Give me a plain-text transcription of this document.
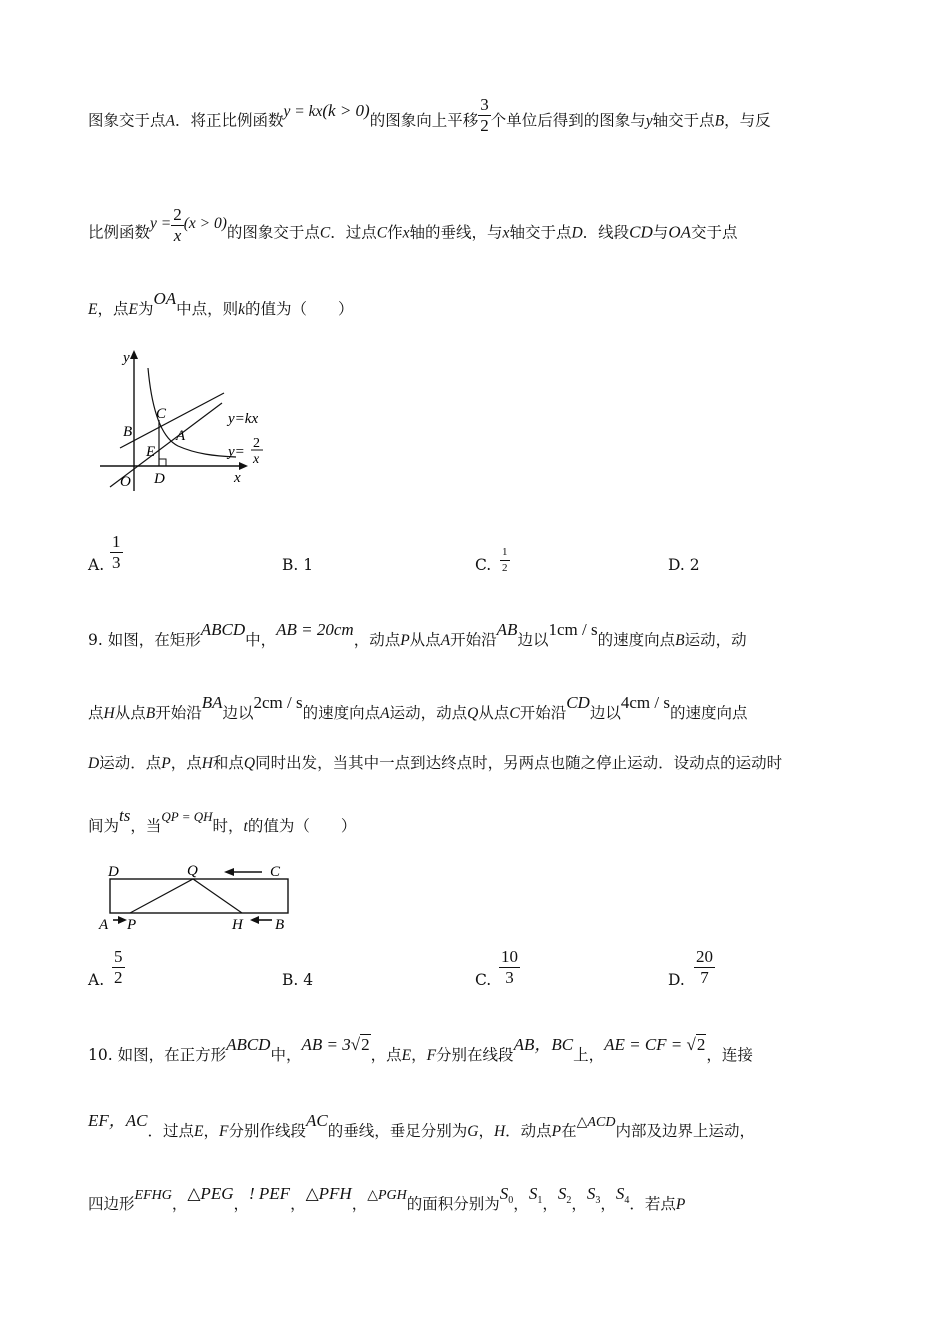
图象交于点A．将正比例函数y = kx(k > 0)的图象向上平移 $\frac{3}{2}$ 个单位后得到的图象与y轴交于点B，与反
比例函数$y = \frac{2}{x} (x > 0)$的图象交于点C．过点C作x轴的垂线，与x轴交于点D．线段CD与OA交于点
E，点E为OA中点，则k的值为（　　）
y
x
O
B
C
A
E
D
y=kx
y=
2
x
A. $\frac{1}{3}$	B. 1	C. $\frac{1}{2}$	D. 2
9. 如图，在矩形ABCD中，AB = 20cm，动点P从点A开始沿AB边以1cm / s的速度向点B运动，动
点H从点B开始沿BA边以2cm / s的速度向点A运动，动点Q从点C开始沿CD边以4cm / s的速度向点
D运动．点P，点H和点Q同时出发，当其中一点到达终点时，另两点也随之停止运动．设动点的运动时
间为ts，当$^{QP = QH}$时，t的值为（　　）
D	Q	C
A P	H B
A. $\frac{5}{2}$	B. 4	C. $\frac{10}{3}$	D. $\frac{20}{7}$
10. 如图，在正方形ABCD中，AB = 3√2，点E，F分别在线段AB，BC上，AE = CF = √2，连接
EF，AC．过点E，F分别作线段AC的垂线，垂足分别为G，H．动点P在△ACD内部及边界上运动，
四边形EFHG，△PEG，! PEF，△PFH，△PGH的面积分别为$S_0$，$S_1$，$S_2$，$S_3$，$S_4$．若点P
